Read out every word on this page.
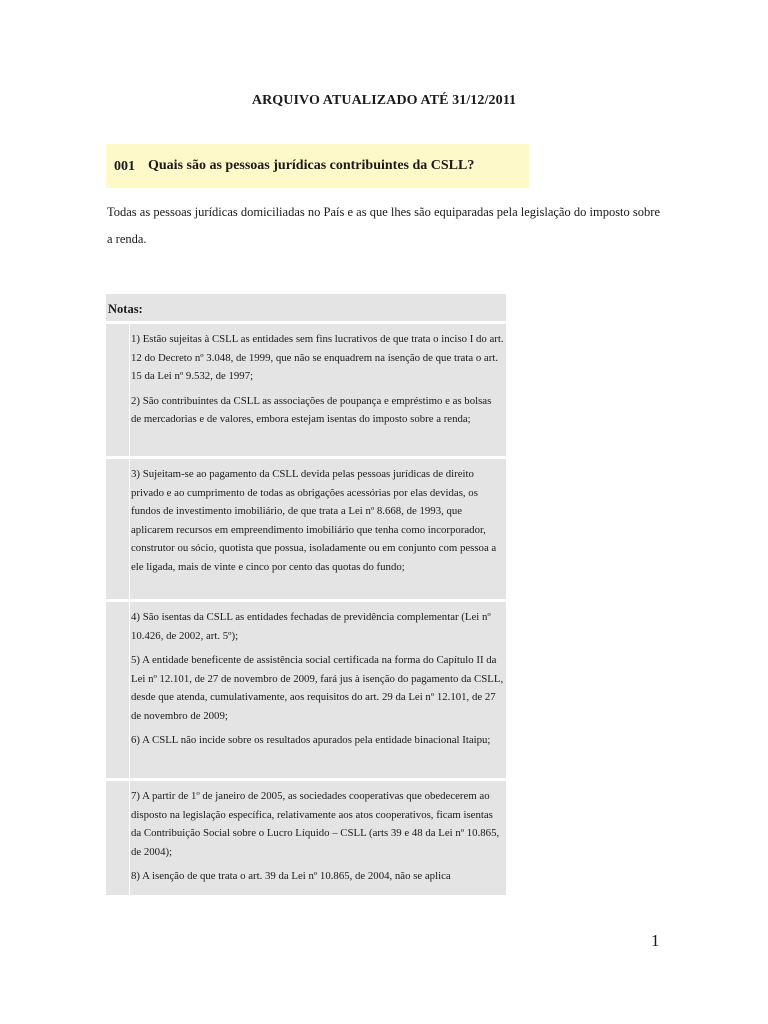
ARQUIVO ATUALIZADO ATÉ 31/12/2011
001 Quais são as pessoas jurídicas contribuintes da CSLL?
Todas as pessoas jurídicas domiciliadas no País e as que lhes são equiparadas pela legislação do imposto sobre a renda.
Notas:

1) Estão sujeitas à CSLL as entidades sem fins lucrativos de que trata o inciso I do art. 12 do Decreto nº 3.048, de 1999, que não se enquadrem na isenção de que trata o art. 15 da Lei nº 9.532, de 1997;

2) São contribuintes da CSLL as associações de poupança e empréstimo e as bolsas de mercadorias e de valores, embora estejam isentas do imposto sobre a renda;

3) Sujeitam-se ao pagamento da CSLL devida pelas pessoas jurídicas de direito privado e ao cumprimento de todas as obrigações acessórias por elas devidas, os fundos de investimento imobiliário, de que trata a Lei nº 8.668, de 1993, que aplicarem recursos em empreendimento imobiliário que tenha como incorporador, construtor ou sócio, quotista que possua, isoladamente ou em conjunto com pessoa a ele ligada, mais de vinte e cinco por cento das quotas do fundo;

4) São isentas da CSLL as entidades fechadas de previdência complementar (Lei nº 10.426, de 2002, art. 5º);

5) A entidade beneficente de assistência social certificada na forma do Capítulo II da Lei nº 12.101, de 27 de novembro de 2009, fará jus à isenção do pagamento da CSLL, desde que atenda, cumulativamente, aos requisitos do art. 29 da Lei nº 12.101, de 27 de novembro de 2009;

6) A CSLL não incide sobre os resultados apurados pela entidade binacional Itaipu;

7) A partir de 1º de janeiro de 2005, as sociedades cooperativas que obedecerem ao disposto na legislação específica, relativamente aos atos cooperativos, ficam isentas da Contribuição Social sobre o Lucro Líquido – CSLL (arts 39 e 48 da Lei nº 10.865, de 2004);

8) A isenção de que trata o art. 39 da Lei nº 10.865, de 2004, não se aplica

1
